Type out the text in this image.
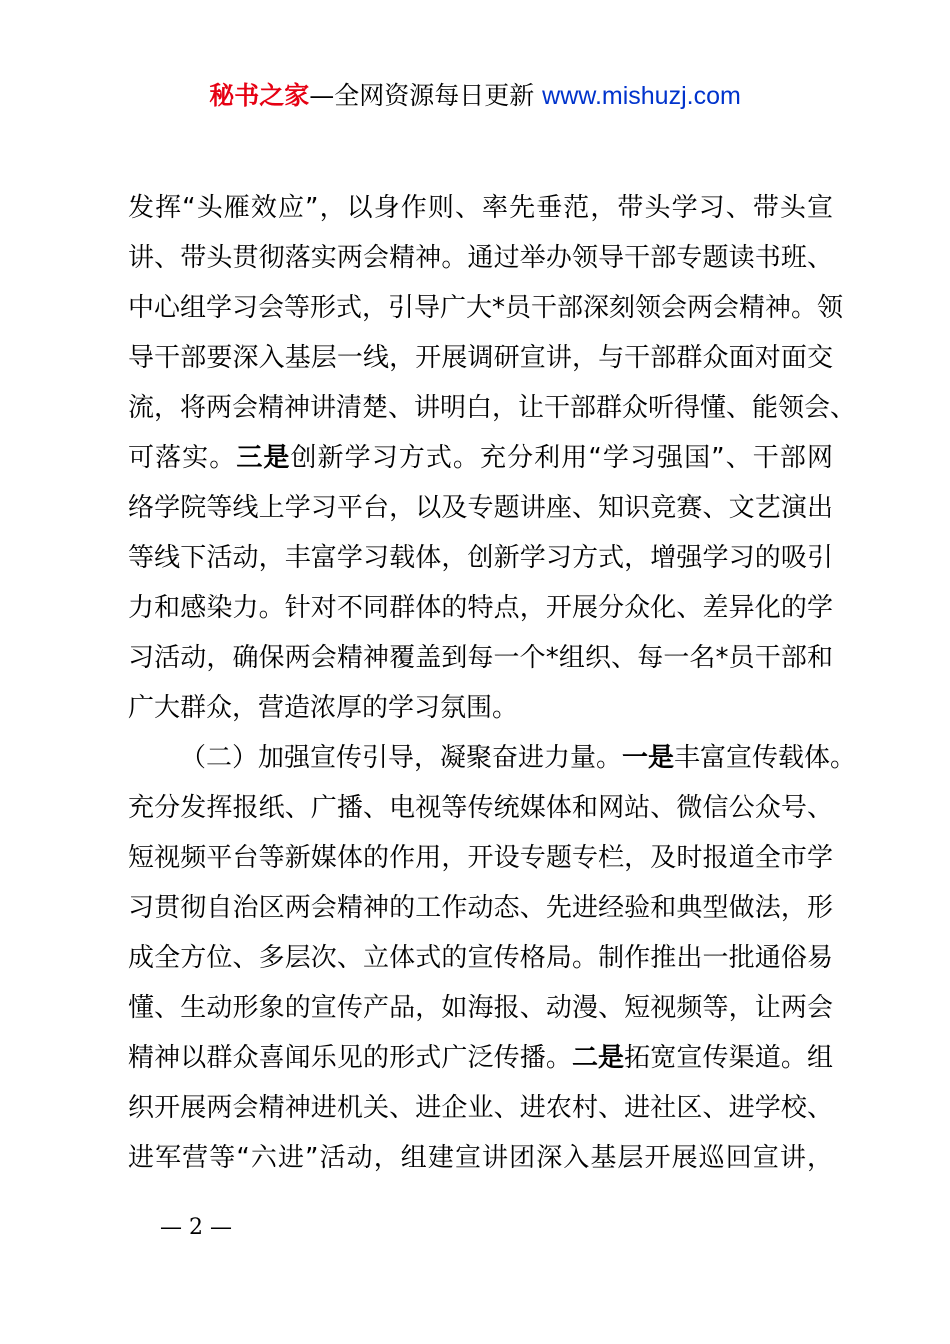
秘书之家—全网资源每日更新 www.mishuzj.com
发挥“头雁效应”，以身作则、率先垂范，带头学习、带头宣
讲、带头贯彻落实两会精神。通过举办领导干部专题读书班、
中心组学习会等形式，引导广大*员干部深刻领会两会精神。领
导干部要深入基层一线，开展调研宣讲，与干部群众面对面交
流，将两会精神讲清楚、讲明白，让干部群众听得懂、能领会、
可落实。三是创新学习方式。充分利用“学习强国”、干部网
络学院等线上学习平台，以及专题讲座、知识竞赛、文艺演出
等线下活动，丰富学习载体，创新学习方式，增强学习的吸引
力和感染力。针对不同群体的特点，开展分众化、差异化的学
习活动，确保两会精神覆盖到每一个*组织、每一名*员干部和
广大群众，营造浓厚的学习氛围。
（二）加强宣传引导，凝聚奋进力量。一是丰富宣传载体。
充分发挥报纸、广播、电视等传统媒体和网站、微信公众号、
短视频平台等新媒体的作用，开设专题专栏，及时报道全市学
习贯彻自治区两会精神的工作动态、先进经验和典型做法，形
成全方位、多层次、立体式的宣传格局。制作推出一批通俗易
懂、生动形象的宣传产品，如海报、动漫、短视频等，让两会
精神以群众喜闻乐见的形式广泛传播。二是拓宽宣传渠道。组
织开展两会精神进机关、进企业、进农村、进社区、进学校、
进军营等“六进”活动，组建宣讲团深入基层开展巡回宣讲，
— 2 —
